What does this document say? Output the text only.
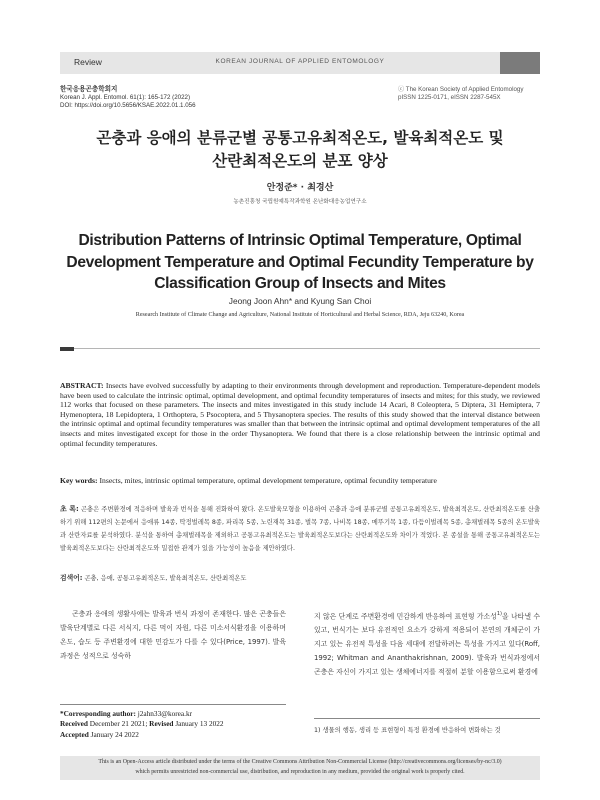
Review	KOREAN JOURNAL OF APPLIED ENTOMOLOGY
한국응용곤충학회지
Korean J. Appl. Entomol. 61(1): 165-172 (2022)
DOI: https://doi.org/10.5656/KSAE.2022.01.1.056
ⓒ The Korean Society of Applied Entomology
pISSN 1225-0171, eISSN 2287-545X
곤충과 응애의 분류군별 공통고유최적온도, 발육최적온도 및
산란최적온도의 분포 양상
안정준* · 최경산
농촌진흥청 국립원예특작과학원 온난화대응농업연구소
Distribution Patterns of Intrinsic Optimal Temperature, Optimal
Development Temperature and Optimal Fecundity Temperature by
Classification Group of Insects and Mites
Jeong Joon Ahn* and Kyung San Choi
Research Institute of Climate Change and Agriculture, National Institute of Horticultural and Herbal Science, RDA, Jeju 63240, Korea
ABSTRACT: Insects have evolved successfully by adapting to their environments through development and reproduction. Temperature-dependent models have been used to calculate the intrinsic optimal, optimal development, and optimal fecundity temperatures of insects and mites; for this study, we reviewed 112 works that focused on these parameters. The insects and mites investigated in this study include 14 Acari, 8 Coleoptera, 5 Diptera, 31 Hemiptera, 7 Hymenoptera, 18 Lepidoptera, 1 Orthoptera, 5 Psocoptera, and 5 Thysanoptera species. The results of this study showed that the interval distance between the intrinsic optimal and optimal fecundity temperatures was smaller than that between the intrinsic optimal and optimal development temperatures of the all insects and mites investigated except for those in the order Thysanoptera. We found that there is a close relationship between the intrinsic optimal and optimal fecundity temperatures.
Key words: Insects, mites, intrinsic optimal temperature, optimal development temperature, optimal fecundity temperature
초 록: 곤충은 주변환경에 적응하며 발육과 번식을 통해 진화하여 왔다. 온도발육모형을 이용하여 곤충과 응애 분류군별 공통고유최적온도, 발육최적온도, 산란최적온도를 산출하기 위해 112편의 논문에서 응애류 14종, 딱정벌레목 8종, 파리목 5종, 노린재목 31종, 벌목 7종, 나비목 18종, 메뚜기목 1종, 다듬이벌레목 5종, 총채벌레목 5종의 온도발육과 산란자료를 분석하였다. 분석을 통하여 총채벌레목을 제외하고 공통고유최적온도는 발육최적온도보다는 산란최적온도와 차이가 적었다. 본 종설을 통해 공통고유최적온도는 발육최적온도보다는 산란최적온도와 밀접한 관계가 있을 가능성이 높음을 제안하였다.
검색어: 곤충, 응애, 공통고유최적온도, 발육최적온도, 산란최적온도
곤충과 응애의 생활사에는 발육과 번식 과정이 존재한다. 많은 곤충들은 발육단계별로 다른 서식지, 다른 먹이 자원, 다른 미소서식환경을 이용하며 온도, 습도 등 주변환경에 대한 민감도가 다를 수 있다(Price, 1997). 발육 과정은 성적으로 성숙하
지 않은 단계로 주변환경에 민감하게 반응하여 표현형 가소성$^{1)}$을 나타낼 수 있고, 번식기는 보다 유전적인 요소가 강하게 적용되어 본연의 개체군이 가지고 있는 유전적 특성을 다음 세대에 전달하려는 특성을 가지고 있다(Roff, 1992; Whitman and Ananthakrishnan, 2009). 발육과 번식과정에서 곤충은 자신이 가지고 있는 생체에너지를 적절히 분할 이용함으로써 환경에
*Corresponding author: j2ahn33@korea.kr
Received December 21 2021; Revised January 13 2022
Accepted January 24 2022	1) 생물의 행동, 생리 등 표현형이 특정 환경에 반응하여 변화하는 것
This is an Open-Access article distributed under the terms of the Creative Commons Attribution Non-Commercial License (http://creativecommons.org/licenses/by-nc/3.0)
which permits unrestricted non-commercial use, distribution, and reproduction in any medium, provided the original work is properly cited.
